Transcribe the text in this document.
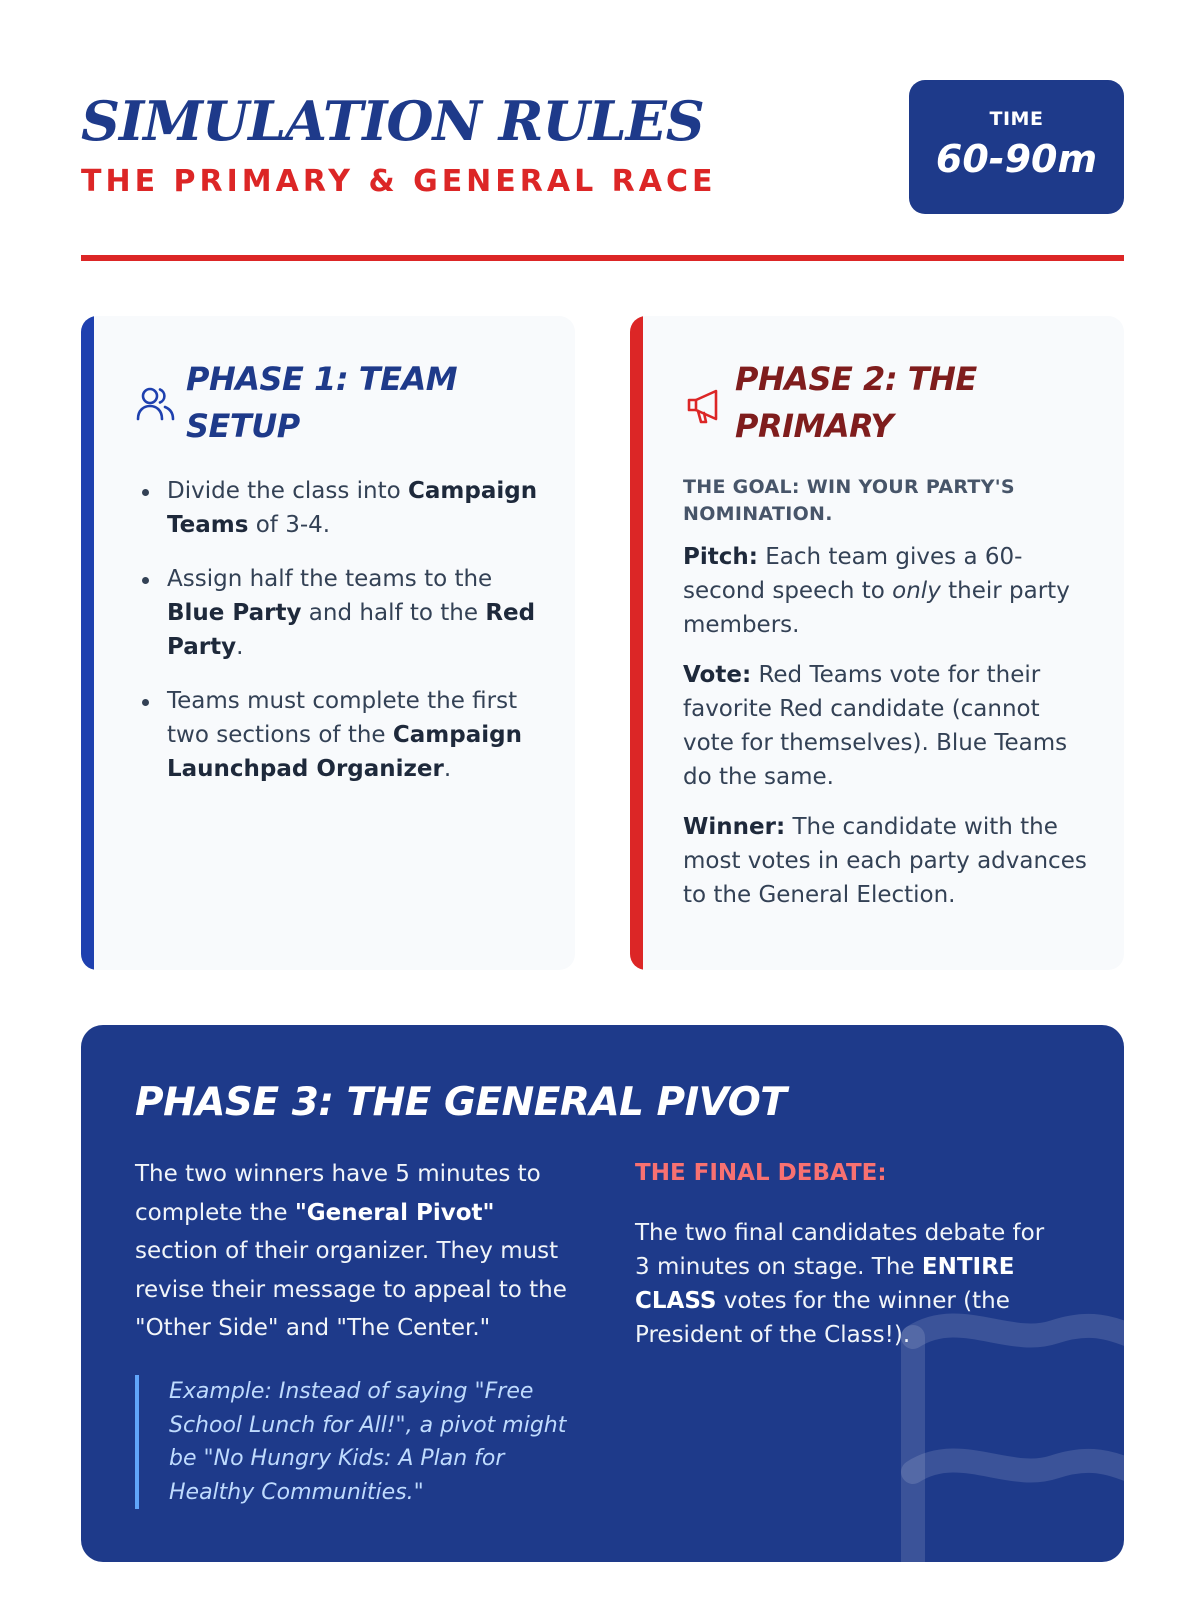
SIMULATION RULES
THE PRIMARY & GENERAL RACE
TIME
60-90m
PHASE 1: TEAM
SETUP
Divide the class into Campaign Teams of 3-4.
Assign half the teams to the Blue Party and half to the Red Party.
Teams must complete the first two sections of the Campaign Launchpad Organizer.
PHASE 2: THE
PRIMARY
THE GOAL: WIN YOUR PARTY'S NOMINATION.

Pitch: Each team gives a 60-second speech to only their party members.

Vote: Red Teams vote for their favorite Red candidate (cannot vote for themselves). Blue Teams do the same.

Winner: The candidate with the most votes in each party advances to the General Election.

PHASE 3: THE GENERAL PIVOT

The two winners have 5 minutes to complete the "General Pivot" section of their organizer. They must revise their message to appeal to the "Other Side" and "The Center."

Example: Instead of saying "Free School Lunch for All!", a pivot might be "No Hungry Kids: A Plan for Healthy Communities."
THE FINAL DEBATE:

The two final candidates debate for 3 minutes on stage. The ENTIRE CLASS votes for the winner (the President of the Class!).
